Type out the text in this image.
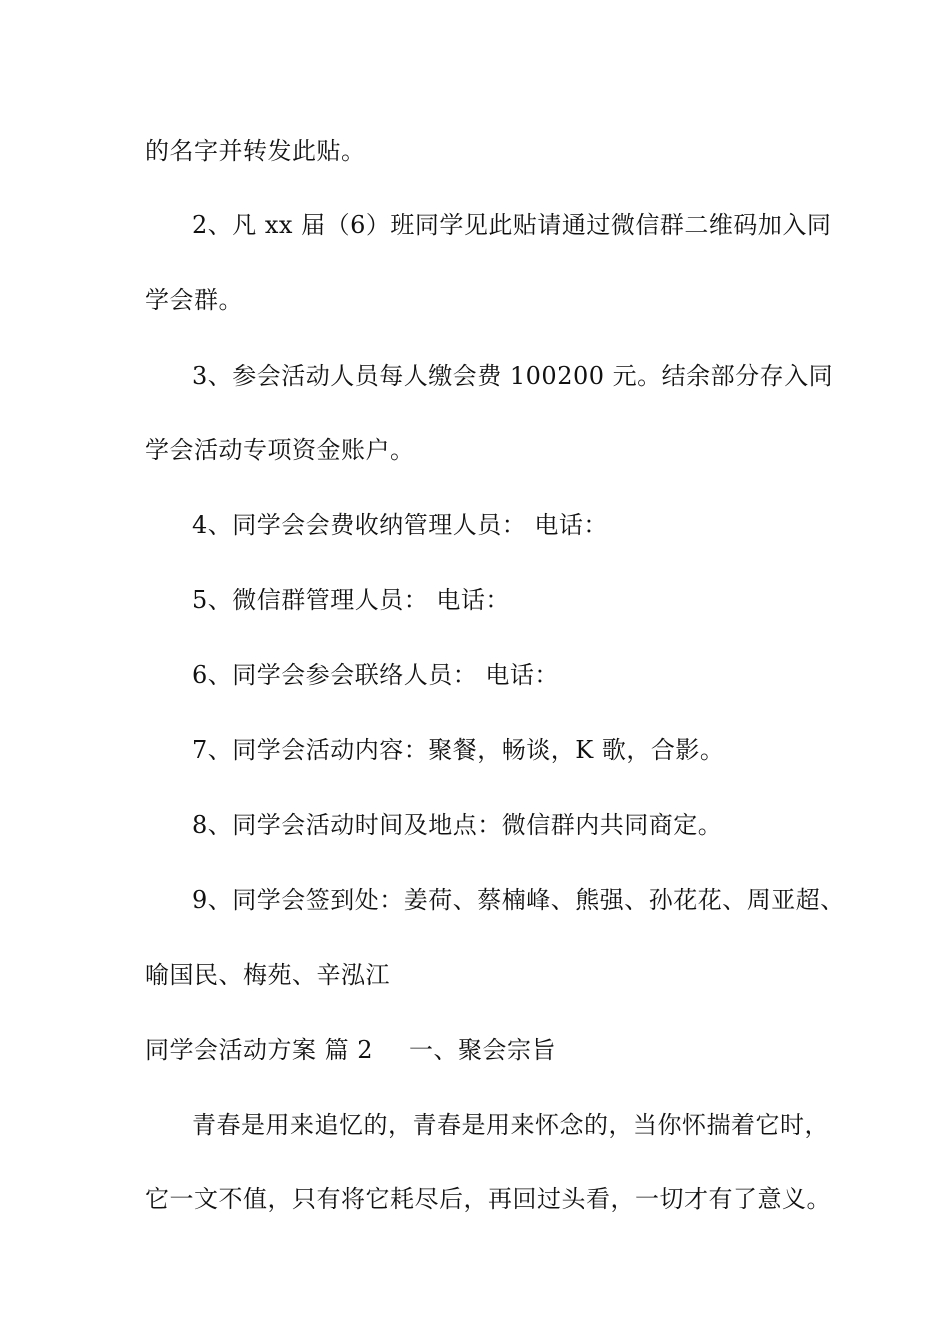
的名字并转发此贴。
2、凡 xx 届（6）班同学见此贴请通过微信群二维码加入同
学会群。
3、参会活动人员每人缴会费 100200 元。结余部分存入同
学会活动专项资金账户。
4、同学会会费收纳管理人员： 电话：
5、微信群管理人员： 电话：
6、同学会参会联络人员： 电话：
7、同学会活动内容：聚餐，畅谈，K 歌，合影。
8、同学会活动时间及地点：微信群内共同商定。
9、同学会签到处：姜荷、蔡楠峰、熊强、孙花花、周亚超、
喻国民、梅苑、辛泓江
同学会活动方案 篇 2 一、聚会宗旨
青春是用来追忆的，青春是用来怀念的，当你怀揣着它时，
它一文不值，只有将它耗尽后，再回过头看，一切才有了意义。
